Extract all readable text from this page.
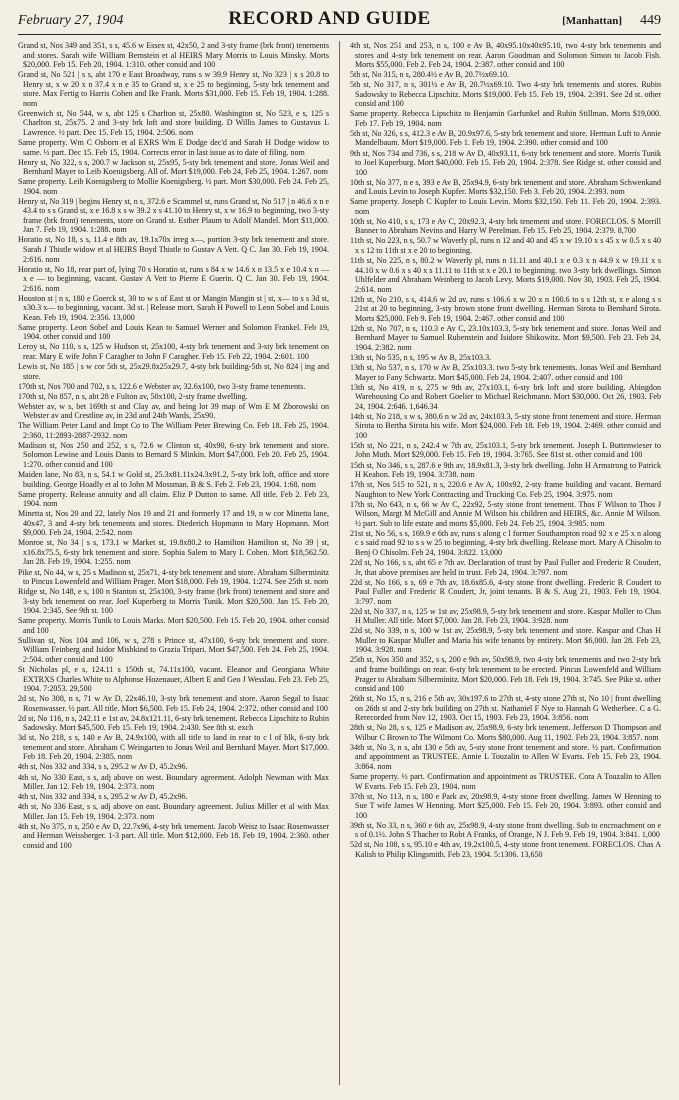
February 27, 1904	RECORD AND GUIDE	[Manhattan] 449

Grand st, Nos 349 and 351, s s, 45.6 w Essex st, 42x50, 2 and 3-sty frame (brk front) tenements and stores. Sarah wife William Bernstein et al HEIRS Mary Morris to Louis Minsky. Morts $20,000. Feb 15. Feb 20, 1904. 1:310. other consid and 100

Grand st, No 521 | s s, abt 170 e East Broadway, runs s w 39.9 Henry st, No 323 | x s 20.8 to Henry st, x w 20 x n 37.4 x n e 35 to Grand st, x e 25 to beginning, 5-sty brk tenement and store. Max Fertig to Harris Cohen and Ike Frank. Morts $31,000. Feb 15. Feb 19, 1904. 1:288. nom

Greenwich st, No 544, w s, abt 125 s Charlton st, 25x80. Washington st, No 523, e s, 125 s Charlton st, 25x75. 2 and 3-sty brk loft and store building. D Willis James to Gustavus L Lawrence. ½ part. Dec 15. Feb 15, 1904. 2:506. nom

Same property. Wm C Osborn et al EXRS Wm E Dodge dec'd and Sarah H Dodge widow to same. ½ part. Dec 15. Feb 15, 1904. Corrects error in last issue as to date of filing. nom

Henry st, No 322, s s, 200.7 w Jackson st, 25x95, 5-sty brk tenement and store. Jonas Weil and Bernhard Mayer to Leib Koenigsberg. All of. Mort $19,000. Feb 24, Feb 25, 1904. 1:267. nom

Same property. Leib Koenigsberg to Mollie Koenigsberg. ½ part. Mort $30,000. Feb 24. Feb 25, 1904. nom

Henry st, No 319 | begins Henry st, n s, 372.6 e Scammel st, runs Grand st, No 517 | n 46.6 x n e 43.4 to s s Grand st, x e 16.8 x s w 39.2 x s 41.10 to Henry st, x w 16.9 to beginning, two 3-sty frame (brk front) tenements, store on Grand st. Esther Plaum to Adolf Mandel. Mort $11,000. Jan 7. Feb 19, 1904. 1:288. nom

Horatio st, No 18, s s, 11.4 e 8th av, 19.1x70x irreg x—, portion 3-sty brk tenement and store. Sarah J Thistle widow et al HEIRS Boyd Thistle to Gustav A Vett. Q C. Jan 30. Feb 19, 1904. 2:616. nom

Horatio st, No 18, rear part of, lying 70 s Horatio st, runs s 84 x w 14.6 x n 13.5 x e 10.4 x n — x e — to beginning, vacant. Gustav A Vett to Pierre E Guerin. Q C. Jan 30. Feb 19, 1904. 2:616. nom

Houston st | n s, 180 e Goerck st, 30 to w s of East st or Mangin Mangin st | st, x— to s s 3d st, x30.3 x— to beginning, vacant. 3d st. | Release mort. Sarah H Powell to Leon Sobel and Louis Kean. Feb 19, 1904. 2:356. 13,000

Same property. Leon Sobel and Louis Kean to Samuel Werner and Solomon Frankel. Feb 19, 1904. other consid and 100

Leroy st, No 110, s s, 125 w Hudson st, 25x100, 4-sty brk tenement and 3-sty brk tenement on rear. Mary E wife John F Caragher to John F Caragher. Feb 15. Feb 22, 1904. 2:601. 100

Lewis st, No 185 | s w cor 5th st, 25x29.8x25x29.7, 4-sty brk building-5th st, No 824 | ing and store.

170th st, Nos 700 and 702, s s, 122.6 e Webster av, 32.6x100, two 3-sty frame tenements.

170th st, No 857, n s, abt 28 e Fulton av, 50x100, 2-sty frame dwelling.

Webster av, w s, bet 169th st and Clay av, and being lot 39 map of Wm E M Zborowski on Webster av and Crestline av, in 23d and 24th Wards, 25x90.

The William Peter Land and Impt Co to The William Peter Brewing Co. Feb 18. Feb 25, 1904. 2:360, 11:2893-2887-2932. nom

Madison st, Nos 250 and 252, s s, 72.6 w Clinton st, 40x90, 6-sty brk tenement and store. Solomon Lewine and Louis Danis to Bernard S Minkin. Mort $47,000. Feb 20. Feb 25, 1904. 1:270. other consid and 100

Maiden lane, No 83, n s, 54.1 w Gold st, 25.3x81.11x24.3x91.2, 5-sty brk loft, office and store building. George Hoadly et al to John M Mossman. B & S. Feb 2. Feb 23, 1904. 1:68. nom

Same property. Release annuity and all claim. Eliz P Dutton to same. All title. Feb 2. Feb 23, 1904. nom

Minetta st, Nos 20 and 22, lately Nos 19 and 21 and formerly 17 and 19, n w cor Minetta lane, 40x47, 3 and 4-sty brk tenements and stores. Diederich Hopmann to Mary Hopmann. Mort $9,000. Feb 24, 1904. 2:542. nom

Monroe st, No 34 | s s, 173.1 w Market st, 19.8x80.2 to Hamilton Hamilton st, No 39 | st, x16.8x75.5, 6-sty brk tenement and store. Sophia Salem to Mary L Cohen. Mort $18,562.50. Jan 28. Feb 19, 1904. 1:255. nom

Pike st, No 44, w s, 25 s Madison st, 25x71, 4-sty brk tenement and store. Abraham Silberminitz to Pincus Lowenfeld and William Prager. Mort $18,000. Feb 19, 1904. 1:274. See 25th st. nom

Ridge st, No 148, e s, 100 n Stanton st, 25x100, 3-sty frame (brk front) tenement and store and 3-sty brk tenement on rear. Joel Kuperberg to Morris Tunik. Mort $20,500. Jan 15. Feb 20, 1904. 2:345. See 9th st. 100

Same property. Morris Tunik to Louis Marks. Mort $20,500. Feb 15. Feb 20, 1904. other consid and 100

Sullivan st, Nos 104 and 106, w s, 278 s Prince st, 47x100, 6-sty brk tenement and store. William Feinberg and Isidor Mishkind to Grazia Tripari. Mort $47,500. Feb 24. Feb 25, 1904. 2:504. other consid and 100

St Nicholas pl, e s, 124.11 s 150th st, 74.11x100, vacant. Eleanor and Georgiana White EXTRXS Charles White to Alphonse Hozenauer, Albert E and Geo J Wesslau. Feb 23. Feb 25, 1904. 7:2053. 29,500

2d st, No 308, n s, 71 w Av D, 22x46.10, 3-sty brk tenement and store. Aaron Segal to Isaac Rosenwasser. ½ part. All title. Mort $6,500. Feb 15. Feb 24, 1904. 2:372. other consid and 100

2d st, No 116, n s, 242.11 e 1st av, 24.8x121.11, 6-sty brk tenement. Rebecca Lipschitz to Rubin Sadowsky. Mort $45,500. Feb 15. Feb 19, 1904. 2:430. See 8th st. exch

3d st, No 218, s s, 140 e Av B, 24.9x100, with all title to land in rear to c l of blk, 6-sty brk tenement and store. Abraham C Weingarten to Jonas Weil and Bernhard Mayer. Mort $17,000. Feb 18. Feb 20, 1904. 2:385. nom

4th st, Nos 332 and 334, s s, 295.2 w Av D, 45.2x96.

4th st, No 330 East, s s, adj above on west. Boundary agreement. Adolph Newman with Max Miller. Jan 12. Feb 19, 1904. 2:373. nom

4th st, Nos 332 and 334, s s, 295.2 w Av D, 45.2x96.

4th st, No 336 East, s s, adj above on east. Boundary agreement. Julius Miller et al with Max Miller. Jan 15. Feb 19, 1904. 2:373. nom

4th st, No 375, n s, 250 e Av D, 22.7x96, 4-sty brk tenement. Jacob Weisz to Isaac Rosenwasser and Herman Weissberger. 1-3 part. All title. Mort $12,000. Feb 18. Feb 19, 1904. 2:360. other consid and 100

4th st, Nos 251 and 253, n s, 100 e Av B, 40x95.10x40x95.10, two 4-sty brk tenements and stores and 4-sty brk tenement on rear. Aaron Goodman and Solomon Simon to Jacob Fish. Morts $55,000. Feb 2. Feb 24, 1904. 2:387. other consid and 100

5th st, No 315, n s, 280.4½ e Av B, 20.7½x69.10.

5th st, No 317, n s, 301½ e Av B, 20.7½x69.10. Two 4-sty brk tenements and stores. Rubin Sadowsky to Rebecca Lipschitz. Morts $19,000. Feb 15. Feb 19, 1904. 2:391. See 2d st. other consid and 100

Same property. Rebecca Lipschitz to Benjamin Garfunkel and Rubin Stillman. Morts $19,000. Feb 17. Feb 19, 1904. nom

5th st, No 326, s s, 412.3 e Av B, 20.9x97.6, 5-sty brk tenement and store. Herman Luft to Annie Mandelbaum. Mort $19,000. Feb 1. Feb 19, 1904. 2:390. other consid and 100

9th st, Nos 734 and 736, s s, 218 w Av D, 40x93.11, 6-sty brk tenement and store. Morris Tunik to Joel Kuperburg. Mort $40,000. Feb 15. Feb 20, 1904. 2:378. See Ridge st. other consid and 100

10th st, No 377, n e s, 393 e Av B, 25x94.9, 6-sty brk tenement and store. Abraham Schwenkand and Louis Levin to Joseph Kupfer. Morts $32,150. Feb 3. Feb 20, 1904. 2:393. nom

Same property. Joseph C Kupfer to Louis Levin. Morts $32,150. Feb 11. Feb 20, 1904. 2:393. nom

10th st, No 410, s s, 173 e Av C, 20x92.3, 4-sty brk tenement and store. FORECLOS. S Morrill Banner to Abraham Nevins and Harry W Perelman. Feb 15. Feb 25, 1904. 2:379. 8,700

11th st, No 223, n s, 50.7 w Waverly pl, runs n 12 and 40 and 45 x w 19.10 x s 45 x w 0.5 x s 40 x s 12 to 11th st x e 20 to beginning.

11th st, No 225, n s, 80.2 w Waverly pl, runs n 11.11 and 40.1 x e 0.3 x n 44.9 x w 19.11 x s 44.10 x w 0.6 x s 40 x s 11.11 to 11th st x e 20.1 to beginning. two 3-sty brk dwellings. Simon Uhlfelder and Abraham Weinberg to Jacob Levy. Morts $19,000. Nov 30, 1903. Feb 25, 1904. 2:614. nom

12th st, No 210, s s, 414.6 w 2d av, runs s 106.6 x w 20 x n 100.6 to s s 12th st, x e along s s 21st at 20 to beginning, 3-sty brown stone front dwelling. Herman Sirota to Bernhard Sirota. Morts $25,000. Feb 9. Feb 19, 1904. 2:467. other consid and 100

12th st, No 707, n s, 110.3 e Av C, 23.10x103.3, 5-sty brk tenement and store. Jonas Weil and Bernhard Mayer to Samuel Rubenstein and Isidore Shikowitz. Mort $9,500. Feb 23. Feb 24, 1904. 2:382. nom

13th st, No 535, n s, 195 w Av B, 25x103.3.

13th st, No 537, n s, 170 w Av B, 25x103.3. two 5-sty brk tenements. Jonas Weil and Bernhard Mayer to Fany Schwartz. Mort $45,000. Feb 24, 1904. 2:407. other consid and 100

13th st, No 419, n s, 275 w 9th av, 27x103.1, 6-sty brk loft and store building. Abingdon Warehousing Co and Robert Goelier to Michael Reichmann. Mort $30,000. Oct 26, 1903. Feb 24, 1904. 2:646. 1,646.34

14th st, No 218, s w s, 380.6 n w 2d av, 24x103.3, 5-sty stone front tenement and store. Herman Sirota to Bertha Sirota his wife. Mort $24,000. Feb 18. Feb 19, 1904. 2:469. other consid and 100

15th st, No 221, n s, 242.4 w 7th av, 25x103.1, 5-sty brk tenement. Joseph L Buttenwieser to John Muth. Mort $29,000. Feb 15. Feb 19, 1904. 3:765. See 81st st. other consid and 100

15th st, No 346, s s, 287.6 e 9th av, 18.9x81.3, 3-sty brk dwelling. John H Armstrong to Patrick H Keahon. Feb 19, 1904. 3:738. nom

17th st, Nos 515 to 521, n s, 220.6 e Av A, 100x92, 2-sty frame building and vacant. Bernard Naughton to New York Contracting and Trucking Co. Feb 25, 1904. 3:975. nom

17th st, No 643, n s, 66 w Av C, 22x92, 5-sty stone front tenement. Thos F Wilson to Thos J Wilson, Margt M McGill and Annie M Wilson his children and HEIRS, &c. Annie M Wilson. ½ part. Sub to life estate and morts $5,000. Feb 24. Feb 25, 1904. 3:985. nom

21st st, No 56, s s, 169.9 e 6th av, runs s along c l former Southampton road 92 x e 25 x n along c s said road 92 to s s w 25 to beginning, 4-sty brk dwelling. Release mort. Mary A Chisolm to Benj O Chisolm. Feb 24, 1904. 3:822. 13,000

22d st, No 166, s s, abt 65 e 7th av. Declaration of trust by Paul Fuller and Frederic R Coudert, Jr, that above premises are held in trust. Feb 24, 1904. 3:797. nom

22d st, No 166, s s, 69 e 7th av, 18.6x85.6, 4-sty stone front dwelling. Frederic R Coudert to Paul Fuller and Frederic R Coudert, Jr, joint tenants. B & S. Aug 21, 1903. Feb 19, 1904. 3:797. nom

22d st, No 337, n s, 125 w 1st av, 25x98.9, 5-sty brk tenement and store. Kaspar Muller to Chas H Muller. All title. Mort $7,000. Jan 28. Feb 23, 1904. 3:928. nom

22d st, No 339, n s, 100 w 1st av, 25x98.9, 5-sty brk tenement and store. Kaspar and Chas H Muller to Kaspar Muller and Maria his wife tenants by entirety. Mort $6,000. Jan 28. Feb 23, 1904. 3:928. nom

25th st, Nos 350 and 352, s s, 200 e 9th av, 50x98.9, two 4-sty brk tenements and two 2-sty brk and frame buildings on rear. 6-sty brk tenement to be erected. Pincus Lowenfeld and William Prager to Abraham Silberminitz. Mort $20,000. Feb 18. Feb 19, 1904. 3:745. See Pike st. other consid and 100

26th st, No 15, n s, 216 e 5th av, 30x197.6 to 27th st, 4-sty stone 27th st, No 10 | front dwelling on 26th st and 2-sty brk building on 27th st. Nathaniel F Nye to Hannah G Wetherbee. C a G. Rerecorded from Nov 12, 1903. Oct 15, 1903. Feb 23, 1904. 3:856. nom

28th st, No 28, s s, 125 e Madison av, 25x98.9, 6-sty brk tenement. Jefferson D Thompson and Wilbur C Brown to The Wilmont Co. Morts $80,000. Aug 11, 1902. Feb 23, 1904. 3:857. nom

34th st, No 3, n s, abt 130 e 5th av, 5-sty stone front tenement and store. ½ part. Confirmation and appointment as TRUSTEE. Annie L Touzalin to Allen W Evarts. Feb 15. Feb 23, 1904. 3:864. nom

Same property. ½ part. Confirmation and appointment as TRUSTEE. Cora A Touzalin to Allen W Evarts. Feb 15. Feb 23, 1904. nom

37th st, No 113, n s, 180 e Park av, 20x98.9, 4-sty stone front dwelling. James W Henning to Sue T wife James W Henning. Mort $25,000. Feb 15. Feb 20, 1904. 3:893. other consid and 100

39th st, No 33, n s, 360 e 6th av, 25x98.9, 4-sty stone front dwelling. Sub to encroachment on e s of 0.1½. John S Thacher to Robt A Franks, of Orange, N J. Feb 9. Feb 19, 1904. 3:841. 1,000

52d st, No 108, s s, 95.10 e 4th av, 19.2x100.5, 4-sty stone front tenement. FORECLOS. Chas A Kalish to Philip Klingsmith. Feb 23, 1904. 5:1306. 13,650
